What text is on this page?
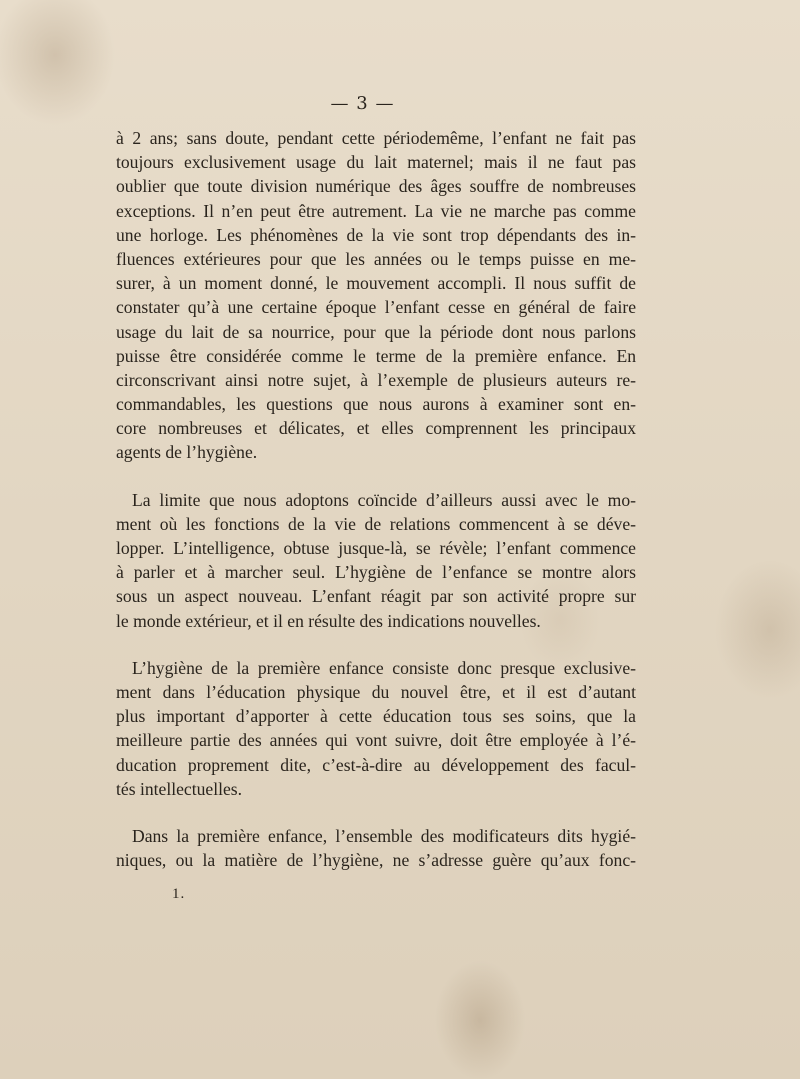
— 3 —
à 2 ans; sans doute, pendant cette périodemême, l’enfant ne fait pas
toujours exclusivement usage du lait maternel; mais il ne faut pas
oublier que toute division numérique des âges souffre de nombreuses
exceptions. Il n’en peut être autrement. La vie ne marche pas comme
une horloge. Les phénomènes de la vie sont trop dépendants des in-
fluences extérieures pour que les années ou le temps puisse en me-
surer, à un moment donné, le mouvement accompli. Il nous suffit de
constater qu’à une certaine époque l’enfant cesse en général de faire
usage du lait de sa nourrice, pour que la période dont nous parlons
puisse être considérée comme le terme de la première enfance. En
circonscrivant ainsi notre sujet, à l’exemple de plusieurs auteurs re-
commandables, les questions que nous aurons à examiner sont en-
core nombreuses et délicates, et elles comprennent les principaux
agents de l’hygiène.
La limite que nous adoptons coïncide d’ailleurs aussi avec le mo-
ment où les fonctions de la vie de relations commencent à se déve-
lopper. L’intelligence, obtuse jusque-là, se révèle; l’enfant commence
à parler et à marcher seul. L’hygiène de l’enfance se montre alors
sous un aspect nouveau. L’enfant réagit par son activité propre sur
le monde extérieur, et il en résulte des indications nouvelles.
L’hygiène de la première enfance consiste donc presque exclusive-
ment dans l’éducation physique du nouvel être, et il est d’autant
plus important d’apporter à cette éducation tous ses soins, que la
meilleure partie des années qui vont suivre, doit être employée à l’é-
ducation proprement dite, c’est-à-dire au développement des facul-
tés intellectuelles.
Dans la première enfance, l’ensemble des modificateurs dits hygié-
niques, ou la matière de l’hygiène, ne s’adresse guère qu’aux fonc-
1.
